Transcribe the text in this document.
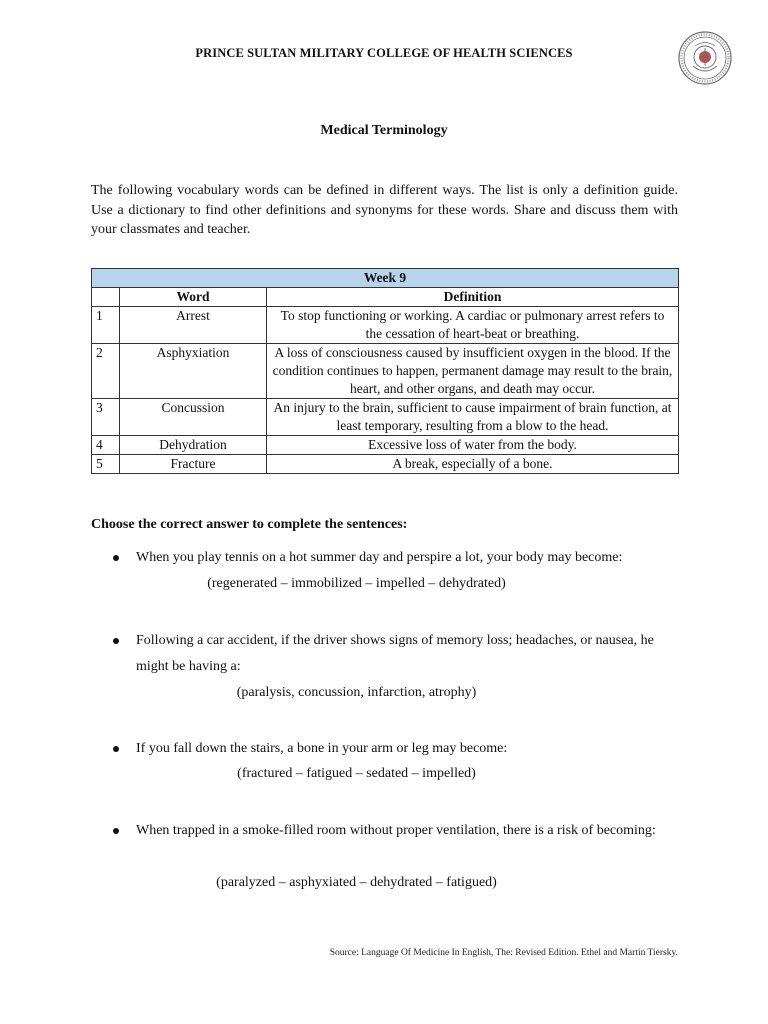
PRINCE SULTAN MILITARY COLLEGE OF HEALTH SCIENCES
Medical Terminology
The following vocabulary words can be defined in different ways. The list is only a definition guide. Use a dictionary to find other definitions and synonyms for these words. Share and discuss them with your classmates and teacher.
Week 9		
	Word	Definition
1	Arrest	To stop functioning or working. A cardiac or pulmonary arrest refers to the cessation of heart-beat or breathing.
2	Asphyxiation	A loss of consciousness caused by insufficient oxygen in the blood. If the condition continues to happen, permanent damage may result to the brain, heart, and other organs, and death may occur.
3	Concussion	An injury to the brain, sufficient to cause impairment of brain function, at least temporary, resulting from a blow to the head.
4	Dehydration	Excessive loss of water from the body.
5	Fracture	A break, especially of a bone.
Choose the correct answer to complete the sentences:
When you play tennis on a hot summer day and perspire a lot, your body may become:
(regenerated – immobilized – impelled – dehydrated)
Following a car accident, if the driver shows signs of memory loss; headaches, or nausea, he might be having a:
(paralysis, concussion, infarction, atrophy)
If you fall down the stairs, a bone in your arm or leg may become:
(fractured – fatigued – sedated – impelled)
When trapped in a smoke-filled room without proper ventilation, there is a risk of becoming:
(paralyzed – asphyxiated – dehydrated – fatigued)
Source: Language Of Medicine In English, The: Revised Edition. Ethel and Martin Tiersky.
